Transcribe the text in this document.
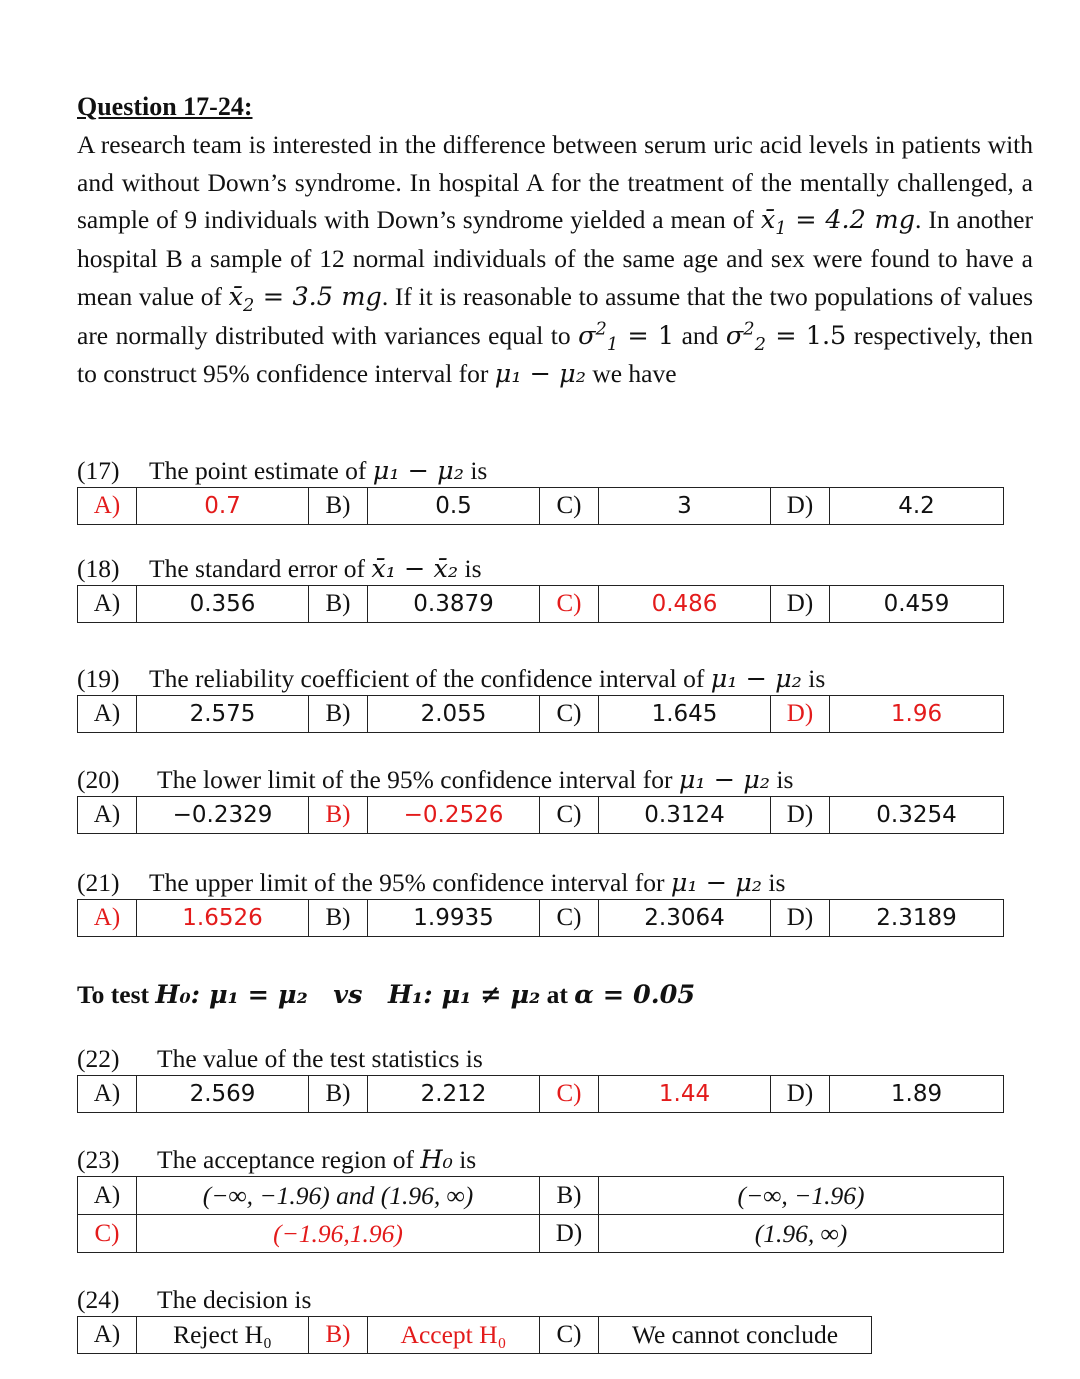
Question 17-24:

A research team is interested in the difference between serum uric acid levels in patients with and without Down’s syndrome. In hospital A for the treatment of the mentally challenged, a sample of 9 individuals with Down’s syndrome yielded a mean of $x̄_1 = 4.2$ mg. In another hospital B a sample of 12 normal individuals of the same age and sex were found to have a mean value of $x̄_2 = 3.5$ mg. If it is reasonable to assume that the two populations of values are normally distributed with variances equal to $\sigma^2_1 = 1$ and $\sigma^2_2 = 1.5$ respectively, then to construct 95% confidence interval for μ₁ − μ₂ we have

(17) The point estimate of μ₁ − μ₂ is
A)	0.7	B)	0.5	C)	3	D)	4.2
(18) The standard error of x̄₁ − x̄₂ is
A)	0.356	B)	0.3879	C)	0.486	D)	0.459
(19) The reliability coefficient of the confidence interval of μ₁ − μ₂ is
A)	2.575	B)	2.055	C)	1.645	D)	1.96
(20) The lower limit of the 95% confidence interval for μ₁ − μ₂ is
A)	−0.2329	B)	−0.2526	C)	0.3124	D)	0.3254
(21) The upper limit of the 95% confidence interval for μ₁ − μ₂ is
A)	1.6526	B)	1.9935	C)	2.3064	D)	2.3189
To test H₀: μ₁ = μ₂ vs H₁: μ₁ ≠ μ₂ at α = 0.05
(22) The value of the test statistics is
A)	2.569	B)	2.212	C)	1.44	D)	1.89
(23) The acceptance region of H₀ is
A)	(−∞, −1.96) and (1.96, ∞)	B)	(−∞, −1.96)
C)	(−1.96,1.96)	D)	(1.96, ∞)
(24) The decision is
A)	Reject H₀	B)	Accept H₀	C)	We cannot conclude
